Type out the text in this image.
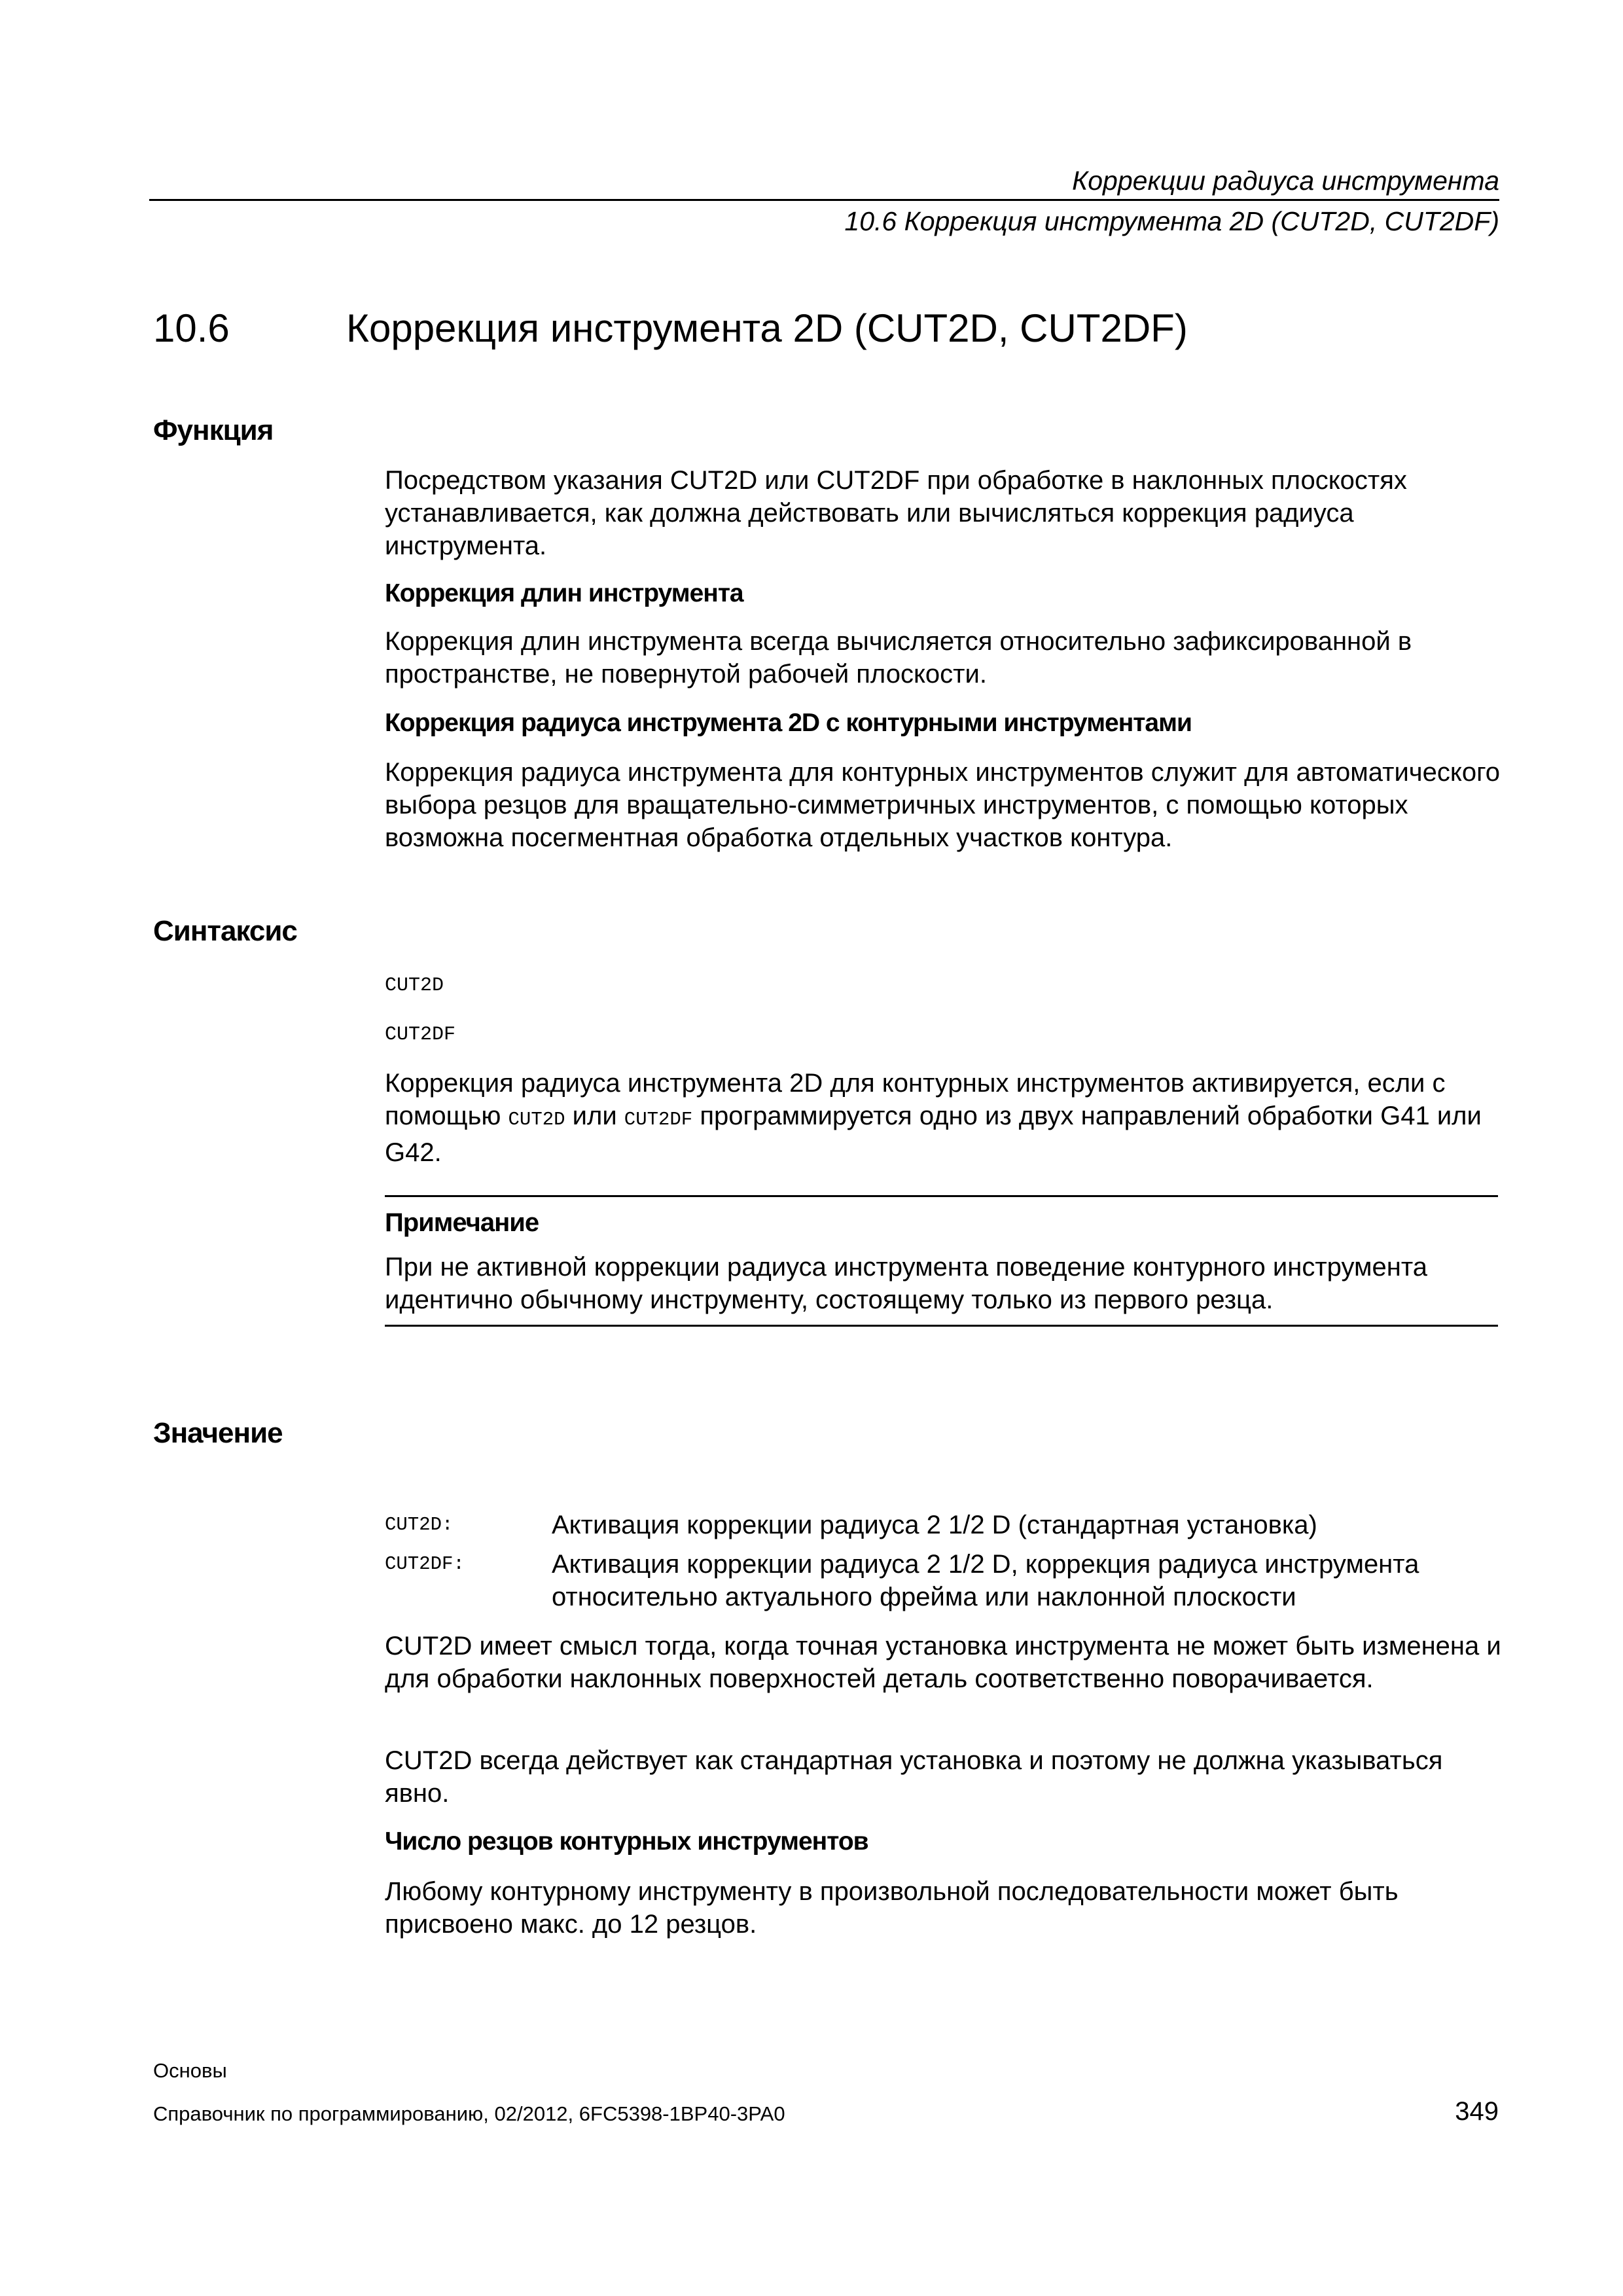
Коррекции радиуса инструмента
10.6 Коррекция инструмента 2D (CUT2D, CUT2DF)
10.6	Коррекция инструмента 2D (CUT2D, CUT2DF)
Функция

Посредством указания CUT2D или CUT2DF при обработке в наклонных плоскостях устанавливается, как должна действовать или вычисляться коррекция радиуса инструмента.

Коррекция длин инструмента

Коррекция длин инструмента всегда вычисляется относительно зафиксированной в пространстве, не повернутой рабочей плоскости.

Коррекция радиуса инструмента 2D с контурными инструментами

Коррекция радиуса инструмента для контурных инструментов служит для автоматического выбора резцов для вращательно-симметричных инструментов, с помощью которых возможна посегментная обработка отдельных участков контура.

Синтаксис
CUT2D
CUT2DF

Коррекция радиуса инструмента 2D для контурных инструментов активируется, если с помощью CUT2D или CUT2DF программируется одно из двух направлений обработки G41 или G42.

Примечание
При не активной коррекции радиуса инструмента поведение контурного инструмента идентично обычному инструменту, состоящему только из первого резца.
Значение
CUT2D:	Активация коррекции радиуса 2 1/2 D (стандартная установка)
CUT2DF:	Активация коррекции радиуса 2 1/2 D, коррекция радиуса инструмента относительно актуального фрейма или наклонной плоскости

CUT2D имеет смысл тогда, когда точная установка инструмента не может быть изменена и для обработки наклонных поверхностей деталь соответственно поворачивается.

CUT2D всегда действует как стандартная установка и поэтому не должна указываться явно.

Число резцов контурных инструментов

Любому контурному инструменту в произвольной последовательности может быть присвоено макс. до 12 резцов.

Основы
Справочник по программированию, 02/2012, 6FC5398-1BP40-3PA0	349
